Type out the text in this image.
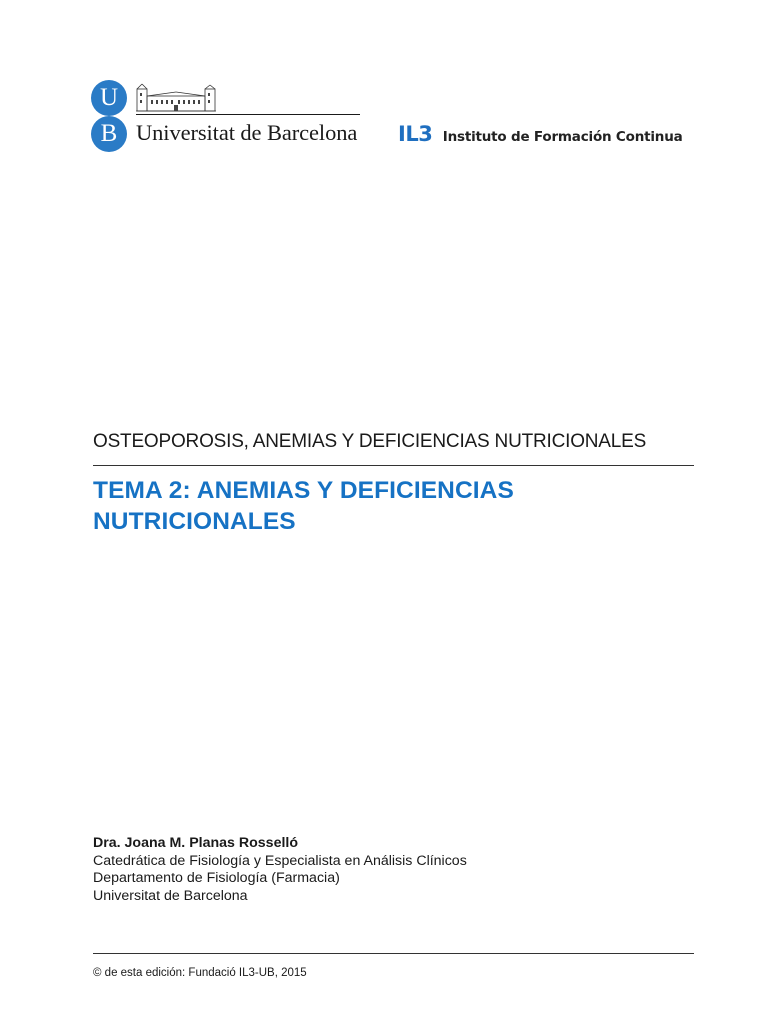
U
B Universitat de Barcelona IL3 Instituto de Formación Continua
OSTEOPOROSIS, ANEMIAS Y DEFICIENCIAS NUTRICIONALES
TEMA 2: ANEMIAS Y DEFICIENCIAS
NUTRICIONALES
Dra. Joana M. Planas Rosselló
Catedrática de Fisiología y Especialista en Análisis Clínicos
Departamento de Fisiología (Farmacia)
Universitat de Barcelona
© de esta edición: Fundació IL3-UB, 2015
